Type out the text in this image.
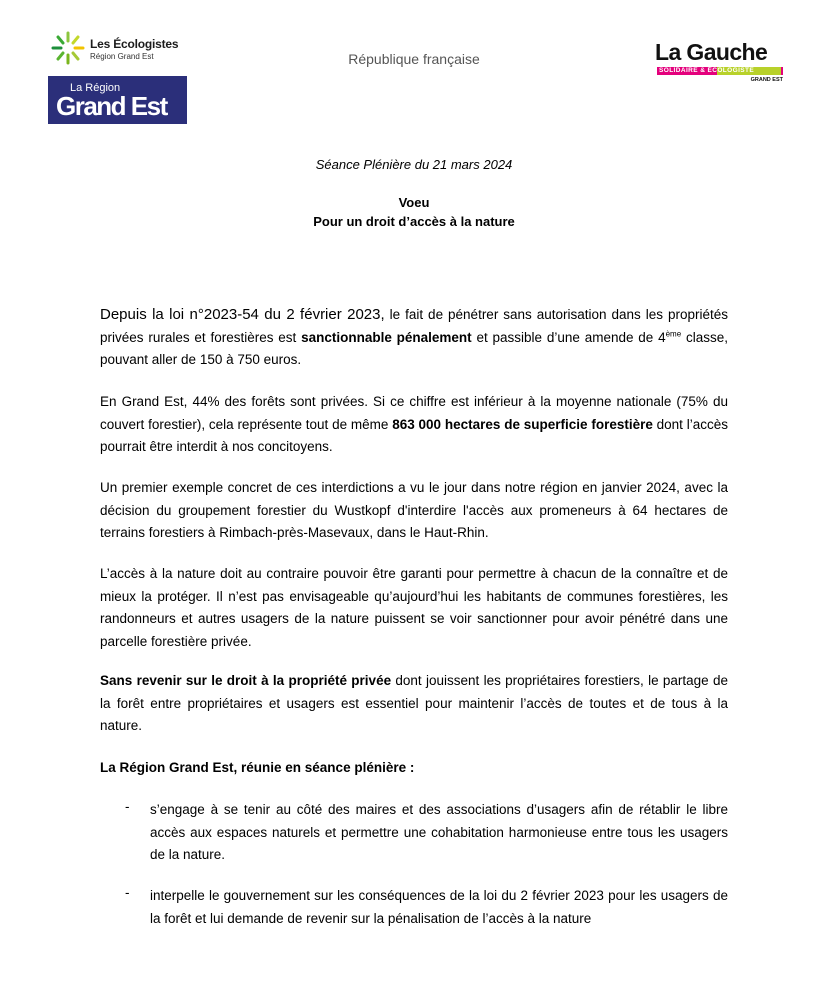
Les Écologistes
Région Grand Est
La Région
Grand Est
République française	La Gauche
SOLIDAIRE & ÉCOLOGISTE
GRAND EST
Séance Plénière du 21 mars 2024
Voeu
Pour un droit d’accès à la nature
Depuis la loi n°2023-54 du 2 février 2023, le fait de pénétrer sans autorisation dans les propriétés privées rurales et forestières est sanctionnable pénalement et passible d’une amende de 4ème classe, pouvant aller de 150 à 750 euros.
En Grand Est, 44% des forêts sont privées. Si ce chiffre est inférieur à la moyenne nationale (75% du couvert forestier), cela représente tout de même 863 000 hectares de superficie forestière dont l’accès pourrait être interdit à nos concitoyens.
Un premier exemple concret de ces interdictions a vu le jour dans notre région en janvier 2024, avec la décision du groupement forestier du Wustkopf d'interdire l'accès aux promeneurs à 64 hectares de terrains forestiers à Rimbach-près-Masevaux, dans le Haut-Rhin.
L’accès à la nature doit au contraire pouvoir être garanti pour permettre à chacun de la connaître et de mieux la protéger. Il n’est pas envisageable qu’aujourd’hui les habitants de communes forestières, les randonneurs et autres usagers de la nature puissent se voir sanctionner pour avoir pénétré dans une parcelle forestière privée.
Sans revenir sur le droit à la propriété privée dont jouissent les propriétaires forestiers, le partage de la forêt entre propriétaires et usagers est essentiel pour maintenir l’accès de toutes et de tous à la nature.
La Région Grand Est, réunie en séance plénière :
- s’engage à se tenir au côté des maires et des associations d’usagers afin de rétablir le libre accès aux espaces naturels et permettre une cohabitation harmonieuse entre tous les usagers de la nature.
- interpelle le gouvernement sur les conséquences de la loi du 2 février 2023 pour les usagers de la forêt et lui demande de revenir sur la pénalisation de l’accès à la nature
